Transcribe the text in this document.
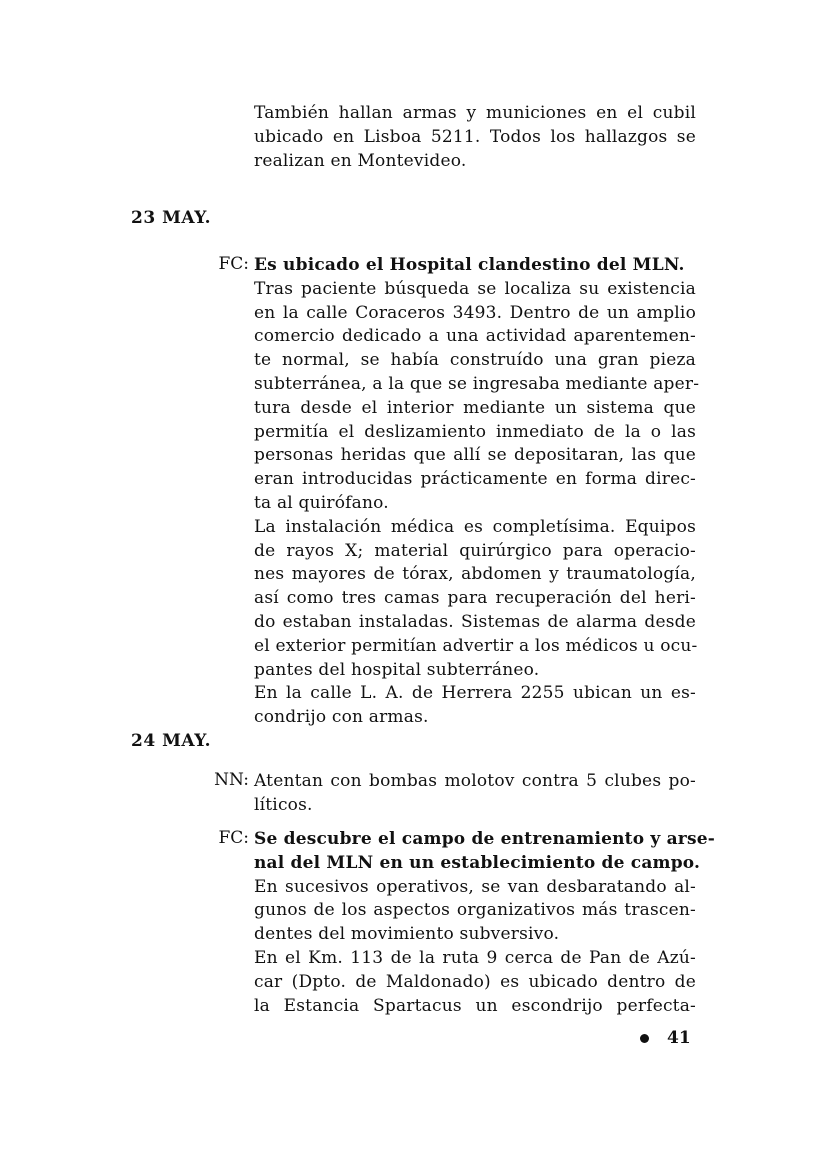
También hallan armas y municiones en el cubil
ubicado en Lisboa 5211. Todos los hallazgos se
realizan en Montevideo.
23 MAY.
FC: Es ubicado el Hospital clandestino del MLN.
Tras paciente búsqueda se localiza su existencia
en la calle Coraceros 3493. Dentro de un amplio
comercio dedicado a una actividad aparentemen-
te normal, se había construído una gran pieza
subterránea, a la que se ingresaba mediante aper-
tura desde el interior mediante un sistema que
permitía el deslizamiento inmediato de la o las
personas heridas que allí se depositaran, las que
eran introducidas prácticamente en forma direc-
ta al quirófano.
La instalación médica es completísima. Equipos
de rayos X; material quirúrgico para operacio-
nes mayores de tórax, abdomen y traumatología,
así como tres camas para recuperación del heri-
do estaban instaladas. Sistemas de alarma desde
el exterior permitían advertir a los médicos u ocu-
pantes del hospital subterráneo.
En la calle L. A. de Herrera 2255 ubican un es-
condrijo con armas.
24 MAY.
NN: Atentan con bombas molotov contra 5 clubes po-
líticos.
FC: Se descubre el campo de entrenamiento y arse-
nal del MLN en un establecimiento de campo.
En sucesivos operativos, se van desbaratando al-
gunos de los aspectos organizativos más trascen-
dentes del movimiento subversivo.
En el Km. 113 de la ruta 9 cerca de Pan de Azú-
car (Dpto. de Maldonado) es ubicado dentro de
la Estancia Spartacus un escondrijo perfecta-
41
